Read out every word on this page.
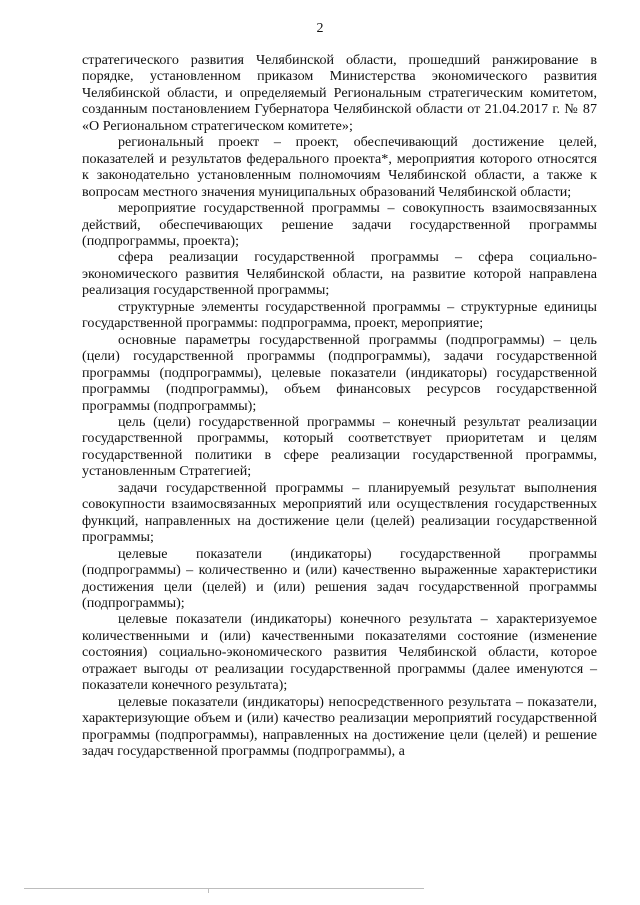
2

стратегического развития Челябинской области, прошедший ранжирование в порядке, установленном приказом Министерства экономического развития Челябинской области, и определяемый Региональным стратегическим комитетом, созданным постановлением Губернатора Челябинской области от 21.04.2017 г. № 87 «О Региональном стратегическом комитете»;

региональный проект – проект, обеспечивающий достижение целей, показателей и результатов федерального проекта*, мероприятия которого относятся к законодательно установленным полномочиям Челябинской области, а также к вопросам местного значения муниципальных образований Челябинской области;

мероприятие государственной программы – совокупность взаимосвязанных действий, обеспечивающих решение задачи государственной программы (подпрограммы, проекта);

сфера реализации государственной программы – сфера социально-экономического развития Челябинской области, на развитие которой направлена реализация государственной программы;

структурные элементы государственной программы – структурные единицы государственной программы: подпрограмма, проект, мероприятие;

основные параметры государственной программы (подпрограммы) – цель (цели) государственной программы (подпрограммы), задачи государственной программы (подпрограммы), целевые показатели (индикаторы) государственной программы (подпрограммы), объем финансовых ресурсов государственной программы (подпрограммы);

цель (цели) государственной программы – конечный результат реализации государственной программы, который соответствует приоритетам и целям государственной политики в сфере реализации государственной программы, установленным Стратегией;

задачи государственной программы – планируемый результат выполнения совокупности взаимосвязанных мероприятий или осуществления государственных функций, направленных на достижение цели (целей) реализации государственной программы;

целевые показатели (индикаторы) государственной программы (подпрограммы) – количественно и (или) качественно выраженные характеристики достижения цели (целей) и (или) решения задач государственной программы (подпрограммы);

целевые показатели (индикаторы) конечного результата – характеризуемое количественными и (или) качественными показателями состояние (изменение состояния) социально-экономического развития Челябинской области, которое отражает выгоды от реализации государственной программы (далее именуются – показатели конечного результата);

целевые показатели (индикаторы) непосредственного результата – показатели, характеризующие объем и (или) качество реализации мероприятий государственной программы (подпрограммы), направленных на достижение цели (целей) и решение задач государственной программы (подпрограммы), а
